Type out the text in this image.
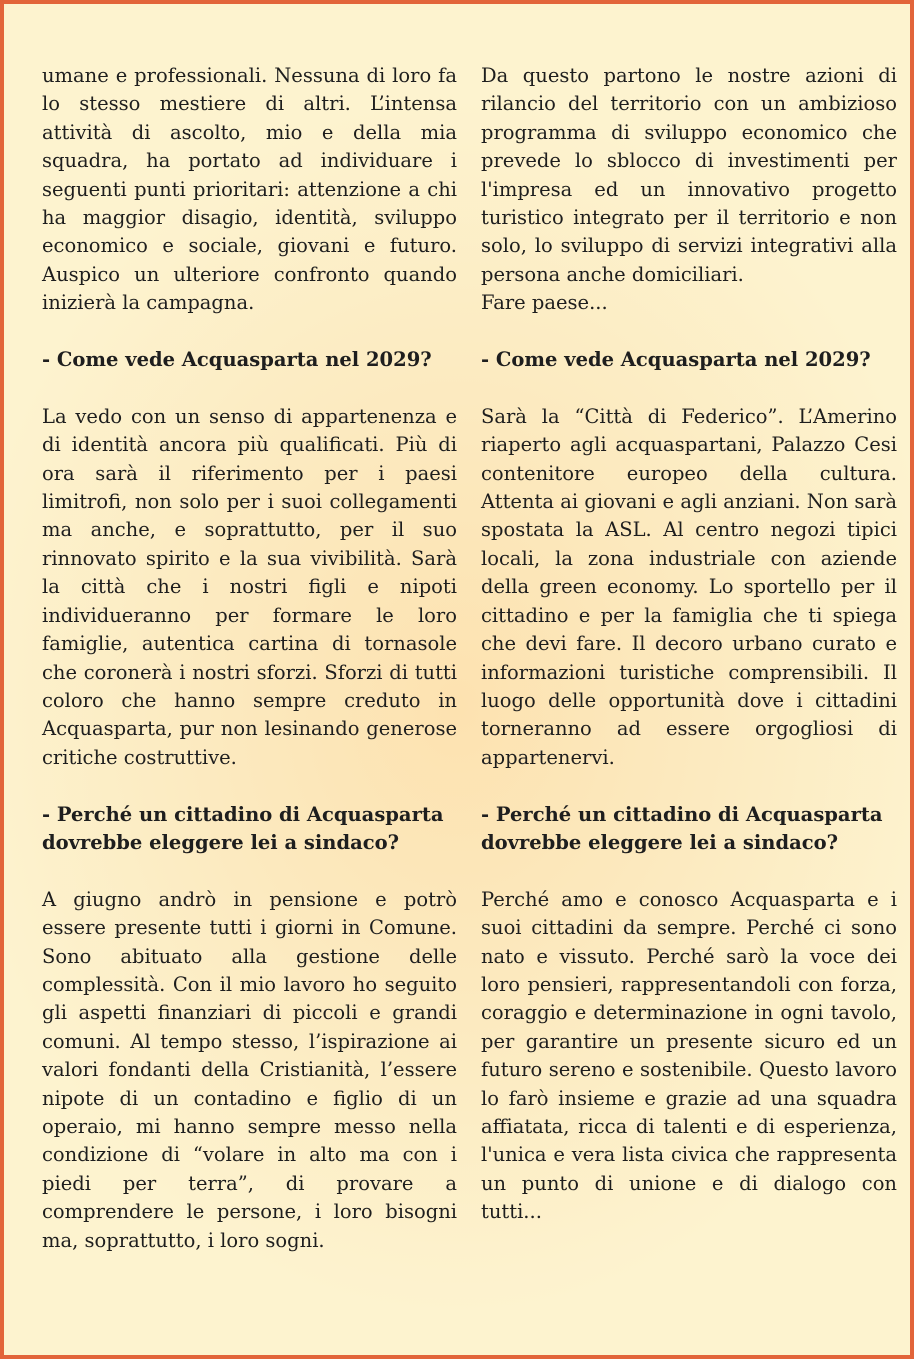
umane e professionali. Nessuna di loro fa lo stesso mestiere di altri. L’intensa attività di ascolto, mio e della mia squadra, ha portato ad individuare i seguenti punti prioritari: attenzione a chi ha maggior disagio, identità, sviluppo economico e sociale, giovani e futuro. Auspico un ulteriore confronto quando inizierà la campagna.

- Come vede Acquasparta nel 2029?

La vedo con un senso di appartenenza e di identità ancora più qualificati. Più di ora sarà il riferimento per i paesi limitrofi, non solo per i suoi collegamenti ma anche, e soprattutto, per il suo rinnovato spirito e la sua vivibilità. Sarà la città che i nostri figli e nipoti individueranno per formare le loro famiglie, autentica cartina di tornasole che coronerà i nostri sforzi. Sforzi di tutti coloro che hanno sempre creduto in Acquasparta, pur non lesinando generose critiche costruttive.

- Perché un cittadino di Acquasparta dovrebbe eleggere lei a sindaco?

A giugno andrò in pensione e potrò essere presente tutti i giorni in Comune. Sono abituato alla gestione delle complessità. Con il mio lavoro ho seguito gli aspetti finanziari di piccoli e grandi comuni. Al tempo stesso, l’ispirazione ai valori fondanti della Cristianità, l’essere nipote di un contadino e figlio di un operaio, mi hanno sempre messo nella condizione di “volare in alto ma con i piedi per terra”, di provare a comprendere le persone, i loro bisogni ma, soprattutto, i loro sogni.

Da questo partono le nostre azioni di rilancio del territorio con un ambizioso programma di sviluppo economico che prevede lo sblocco di investimenti per l'impresa ed un innovativo progetto turistico integrato per il territorio e non solo, lo sviluppo di servizi integrativi alla persona anche domiciliari.

Fare paese...

- Come vede Acquasparta nel 2029?

Sarà la “Città di Federico”. L’Amerino riaperto agli acquaspartani, Palazzo Cesi contenitore europeo della cultura. Attenta ai giovani e agli anziani. Non sarà spostata la ASL. Al centro negozi tipici locali, la zona industriale con aziende della green economy. Lo sportello per il cittadino e per la famiglia che ti spiega che devi fare. Il decoro urbano curato e informazioni turistiche comprensibili. Il luogo delle opportunità dove i cittadini torneranno ad essere orgogliosi di appartenervi.

- Perché un cittadino di Acquasparta dovrebbe eleggere lei a sindaco?

Perché amo e conosco Acquasparta e i suoi cittadini da sempre. Perché ci sono nato e vissuto. Perché sarò la voce dei loro pensieri, rappresentandoli con forza, coraggio e determinazione in ogni tavolo, per garantire un presente sicuro ed un futuro sereno e sostenibile. Questo lavoro lo farò insieme e grazie ad una squadra affiatata, ricca di talenti e di esperienza, l'unica e vera lista civica che rappresenta un punto di unione e di dialogo con tutti...
